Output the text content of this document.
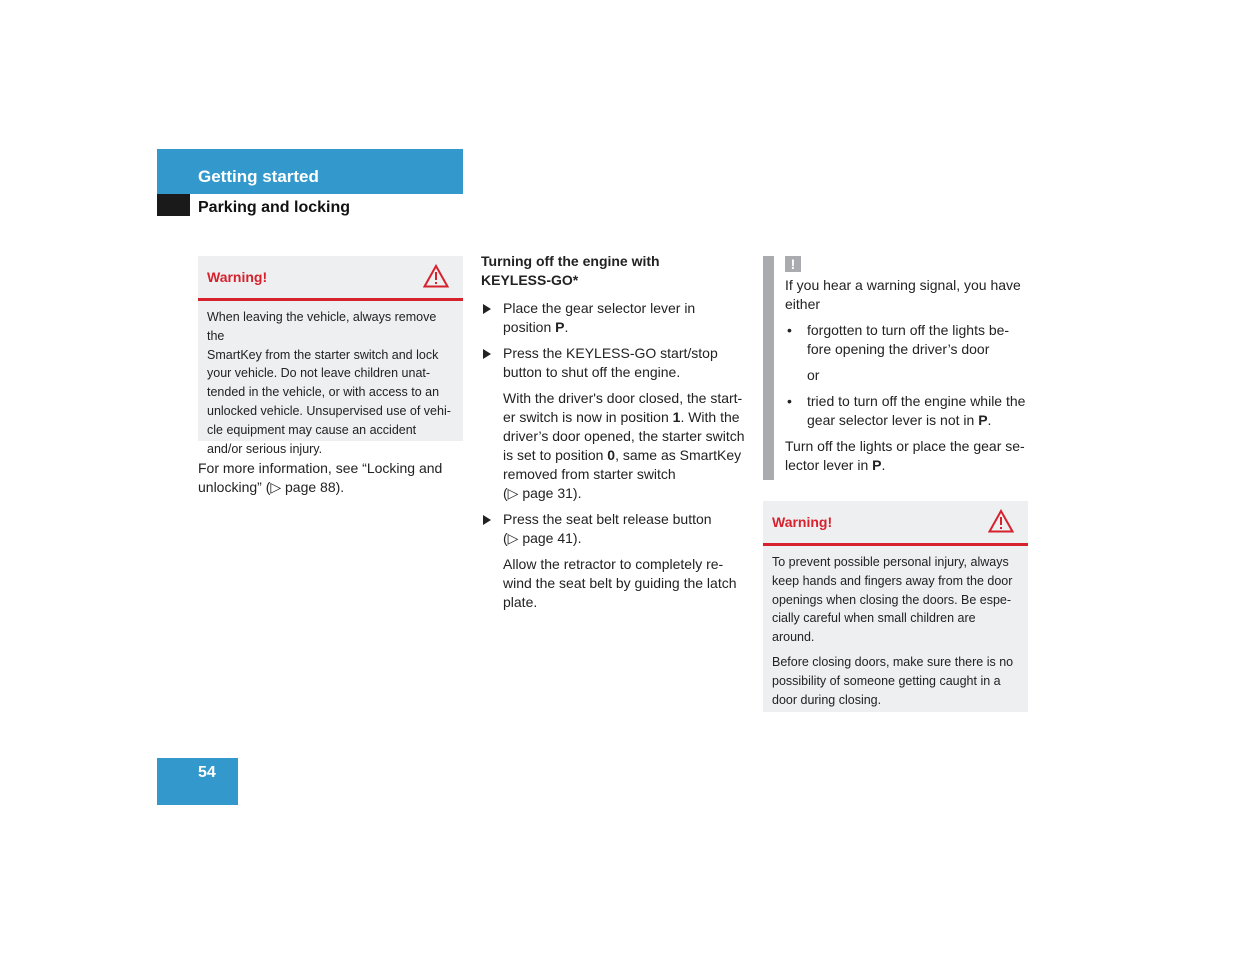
Getting started
Parking and locking
Warning!
When leaving the vehicle, always remove the
SmartKey from the starter switch and lock
your vehicle. Do not leave children unat-
tended in the vehicle, or with access to an
unlocked vehicle. Unsupervised use of vehi-
cle equipment may cause an accident
and/or serious injury.
For more information, see “Locking and
unlocking” (▷ page 88).
Turning off the engine with
KEYLESS-GO*
Place the gear selector lever in
position P.
Press the KEYLESS-GO start/stop
button to shut off the engine.
With the driver's door closed, the start-
er switch is now in position 1. With the
driver’s door opened, the starter switch
is set to position 0, same as SmartKey
removed from starter switch
(▷ page 31).
Press the seat belt release button
(▷ page 41).
Allow the retractor to completely re-
wind the seat belt by guiding the latch
plate.
!
If you hear a warning signal, you have
either
• forgotten to turn off the lights be-
fore opening the driver’s door
or
• tried to turn off the engine while the
gear selector lever is not in P.
Turn off the lights or place the gear se-
lector lever in P.
Warning!

To prevent possible personal injury, always
keep hands and fingers away from the door
openings when closing the doors. Be espe-
cially careful when small children are
around.

Before closing doors, make sure there is no
possibility of someone getting caught in a
door during closing.

54
